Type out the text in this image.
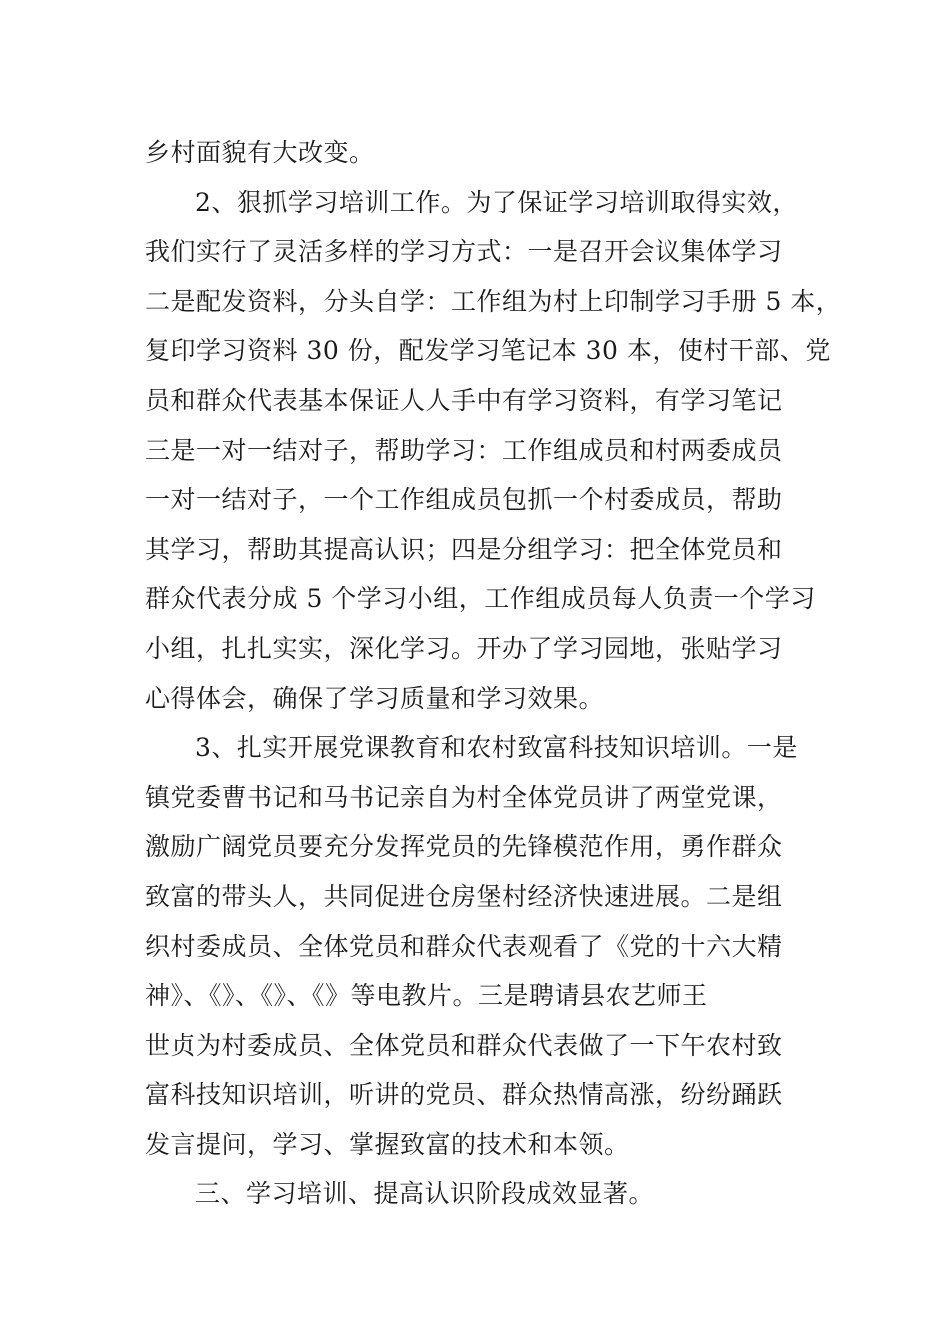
乡村面貌有大改变。
2、狠抓学习培训工作。为了保证学习培训取得实效，
我们实行了灵活多样的学习方式：一是召开会议集体学习
二是配发资料，分头自学：工作组为村上印制学习手册 5 本，
复印学习资料 30 份，配发学习笔记本 30 本，使村干部、党
员和群众代表基本保证人人手中有学习资料，有学习笔记
三是一对一结对子，帮助学习：工作组成员和村两委成员
一对一结对子，一个工作组成员包抓一个村委成员，帮助
其学习，帮助其提高认识；四是分组学习：把全体党员和
群众代表分成 5 个学习小组，工作组成员每人负责一个学习
小组，扎扎实实，深化学习。开办了学习园地，张贴学习
心得体会，确保了学习质量和学习效果。
3、扎实开展党课教育和农村致富科技知识培训。一是
镇党委曹书记和马书记亲自为村全体党员讲了两堂党课，
激励广阔党员要充分发挥党员的先锋模范作用，勇作群众
致富的带头人，共同促进仓房堡村经济快速进展。二是组
织村委成员、全体党员和群众代表观看了《党的十六大精
神》、《》、《》、《》等电教片。三是聘请县农艺师王
世贞为村委成员、全体党员和群众代表做了一下午农村致
富科技知识培训，听讲的党员、群众热情高涨，纷纷踊跃
发言提问，学习、掌握致富的技术和本领。
三、学习培训、提高认识阶段成效显著。
